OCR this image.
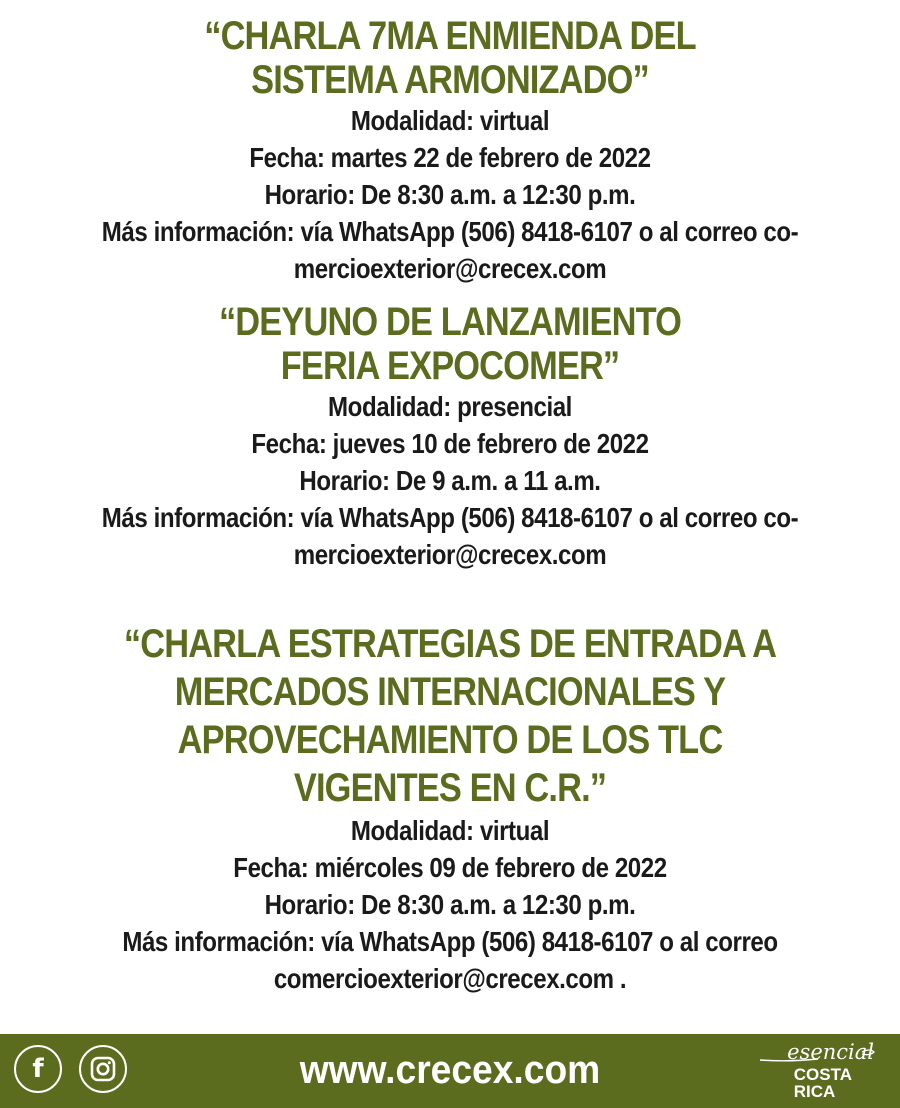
“CHARLA 7MA ENMIENDA DEL
SISTEMA ARMONIZADO”
Modalidad: virtual
Fecha: martes 22 de febrero de 2022
Horario: De 8:30 a.m. a 12:30 p.m.
Más información: vía WhatsApp (506) 8418-6107 o al correo co-
mercioexterior@crecex.com
“DEYUNO DE LANZAMIENTO
FERIA EXPOCOMER”
Modalidad: presencial
Fecha: jueves 10 de febrero de 2022
Horario: De 9 a.m. a 11 a.m.
Más información: vía WhatsApp (506) 8418-6107 o al correo co-
mercioexterior@crecex.com
“CHARLA ESTRATEGIAS DE ENTRADA A
MERCADOS INTERNACIONALES Y
APROVECHAMIENTO DE LOS TLC
VIGENTES EN C.R.”
Modalidad: virtual
Fecha: miércoles 09 de febrero de 2022
Horario: De 8:30 a.m. a 12:30 p.m.
Más información: vía WhatsApp (506) 8418-6107 o al correo
comercioexterior@crecex.com .
f	www.crecex.com	esencial
COSTA
RICA
